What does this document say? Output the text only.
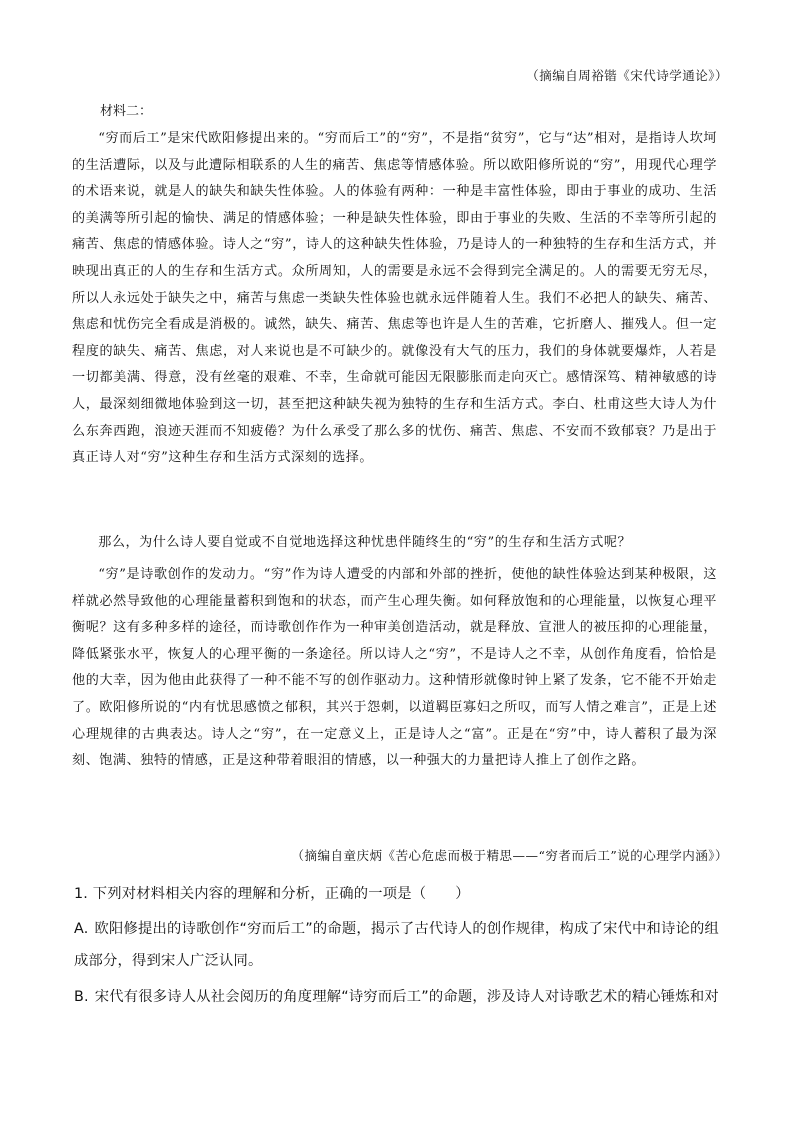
（摘编自周裕锴《宋代诗学通论》）
材料二：

“穷而后工”是宋代欧阳修提出来的。“穷而后工”的“穷”，不是指“贫穷”，它与“达”相对，是指诗人坎坷的生活遭际，以及与此遭际相联系的人生的痛苦、焦虑等情感体验。所以欧阳修所说的“穷”，用现代心理学的术语来说，就是人的缺失和缺失性体验。人的体验有两种：一种是丰富性体验，即由于事业的成功、生活的美满等所引起的愉快、满足的情感体验；一种是缺失性体验，即由于事业的失败、生活的不幸等所引起的痛苦、焦虑的情感体验。诗人之“穷”，诗人的这种缺失性体验，乃是诗人的一种独特的生存和生活方式，并映现出真正的人的生存和生活方式。众所周知，人的需要是永远不会得到完全满足的。人的需要无穷无尽，所以人永远处于缺失之中，痛苦与焦虑一类缺失性体验也就永远伴随着人生。我们不必把人的缺失、痛苦、焦虑和忧伤完全看成是消极的。诚然，缺失、痛苦、焦虑等也许是人生的苦难，它折磨人、摧残人。但一定程度的缺失、痛苦、焦虑，对人来说也是不可缺少的。就像没有大气的压力，我们的身体就要爆炸，人若是一切都美满、得意，没有丝毫的艰难、不幸，生命就可能因无限膨胀而走向灭亡。感情深笃、精神敏感的诗人，最深刻细微地体验到这一切，甚至把这种缺失视为独特的生存和生活方式。李白、杜甫这些大诗人为什么东奔西跑，浪迹天涯而不知疲倦？为什么承受了那么多的忧伤、痛苦、焦虑、不安而不致郁衰？乃是出于真正诗人对“穷”这种生存和生活方式深刻的选择。

那么，为什么诗人要自觉或不自觉地选择这种忧患伴随终生的“穷”的生存和生活方式呢？

“穷”是诗歌创作的发动力。“穷”作为诗人遭受的内部和外部的挫折，使他的缺性体验达到某种极限，这样就必然导致他的心理能量蓄积到饱和的状态，而产生心理失衡。如何释放饱和的心理能量，以恢复心理平衡呢？这有多种多样的途径，而诗歌创作作为一种审美创造活动，就是释放、宣泄人的被压抑的心理能量，降低紧张水平，恢复人的心理平衡的一条途径。所以诗人之“穷”，不是诗人之不幸，从创作角度看，恰恰是他的大幸，因为他由此获得了一种不能不写的创作驱动力。这种情形就像时钟上紧了发条，它不能不开始走了。欧阳修所说的“内有忧思感愤之郁积，其兴于怨刺，以道羁臣寡妇之所叹，而写人情之难言”，正是上述心理规律的古典表达。诗人之“穷”，在一定意义上，正是诗人之“富”。正是在“穷”中，诗人蓄积了最为深刻、饱满、独特的情感，正是这种带着眼泪的情感，以一种强大的力量把诗人推上了创作之路。

（摘编自童庆炳《苦心危虑而极于精思——“穷者而后工”说的心理学内涵》）

1. 下列对材料相关内容的理解和分析，正确的一项是（　　）

A. 欧阳修提出的诗歌创作“穷而后工”的命题，揭示了古代诗人的创作规律，构成了宋代中和诗论的组成部分，得到宋人广泛认同。

B. 宋代有很多诗人从社会阅历的角度理解“诗穷而后工”的命题，涉及诗人对诗歌艺术的精心锤炼和对
